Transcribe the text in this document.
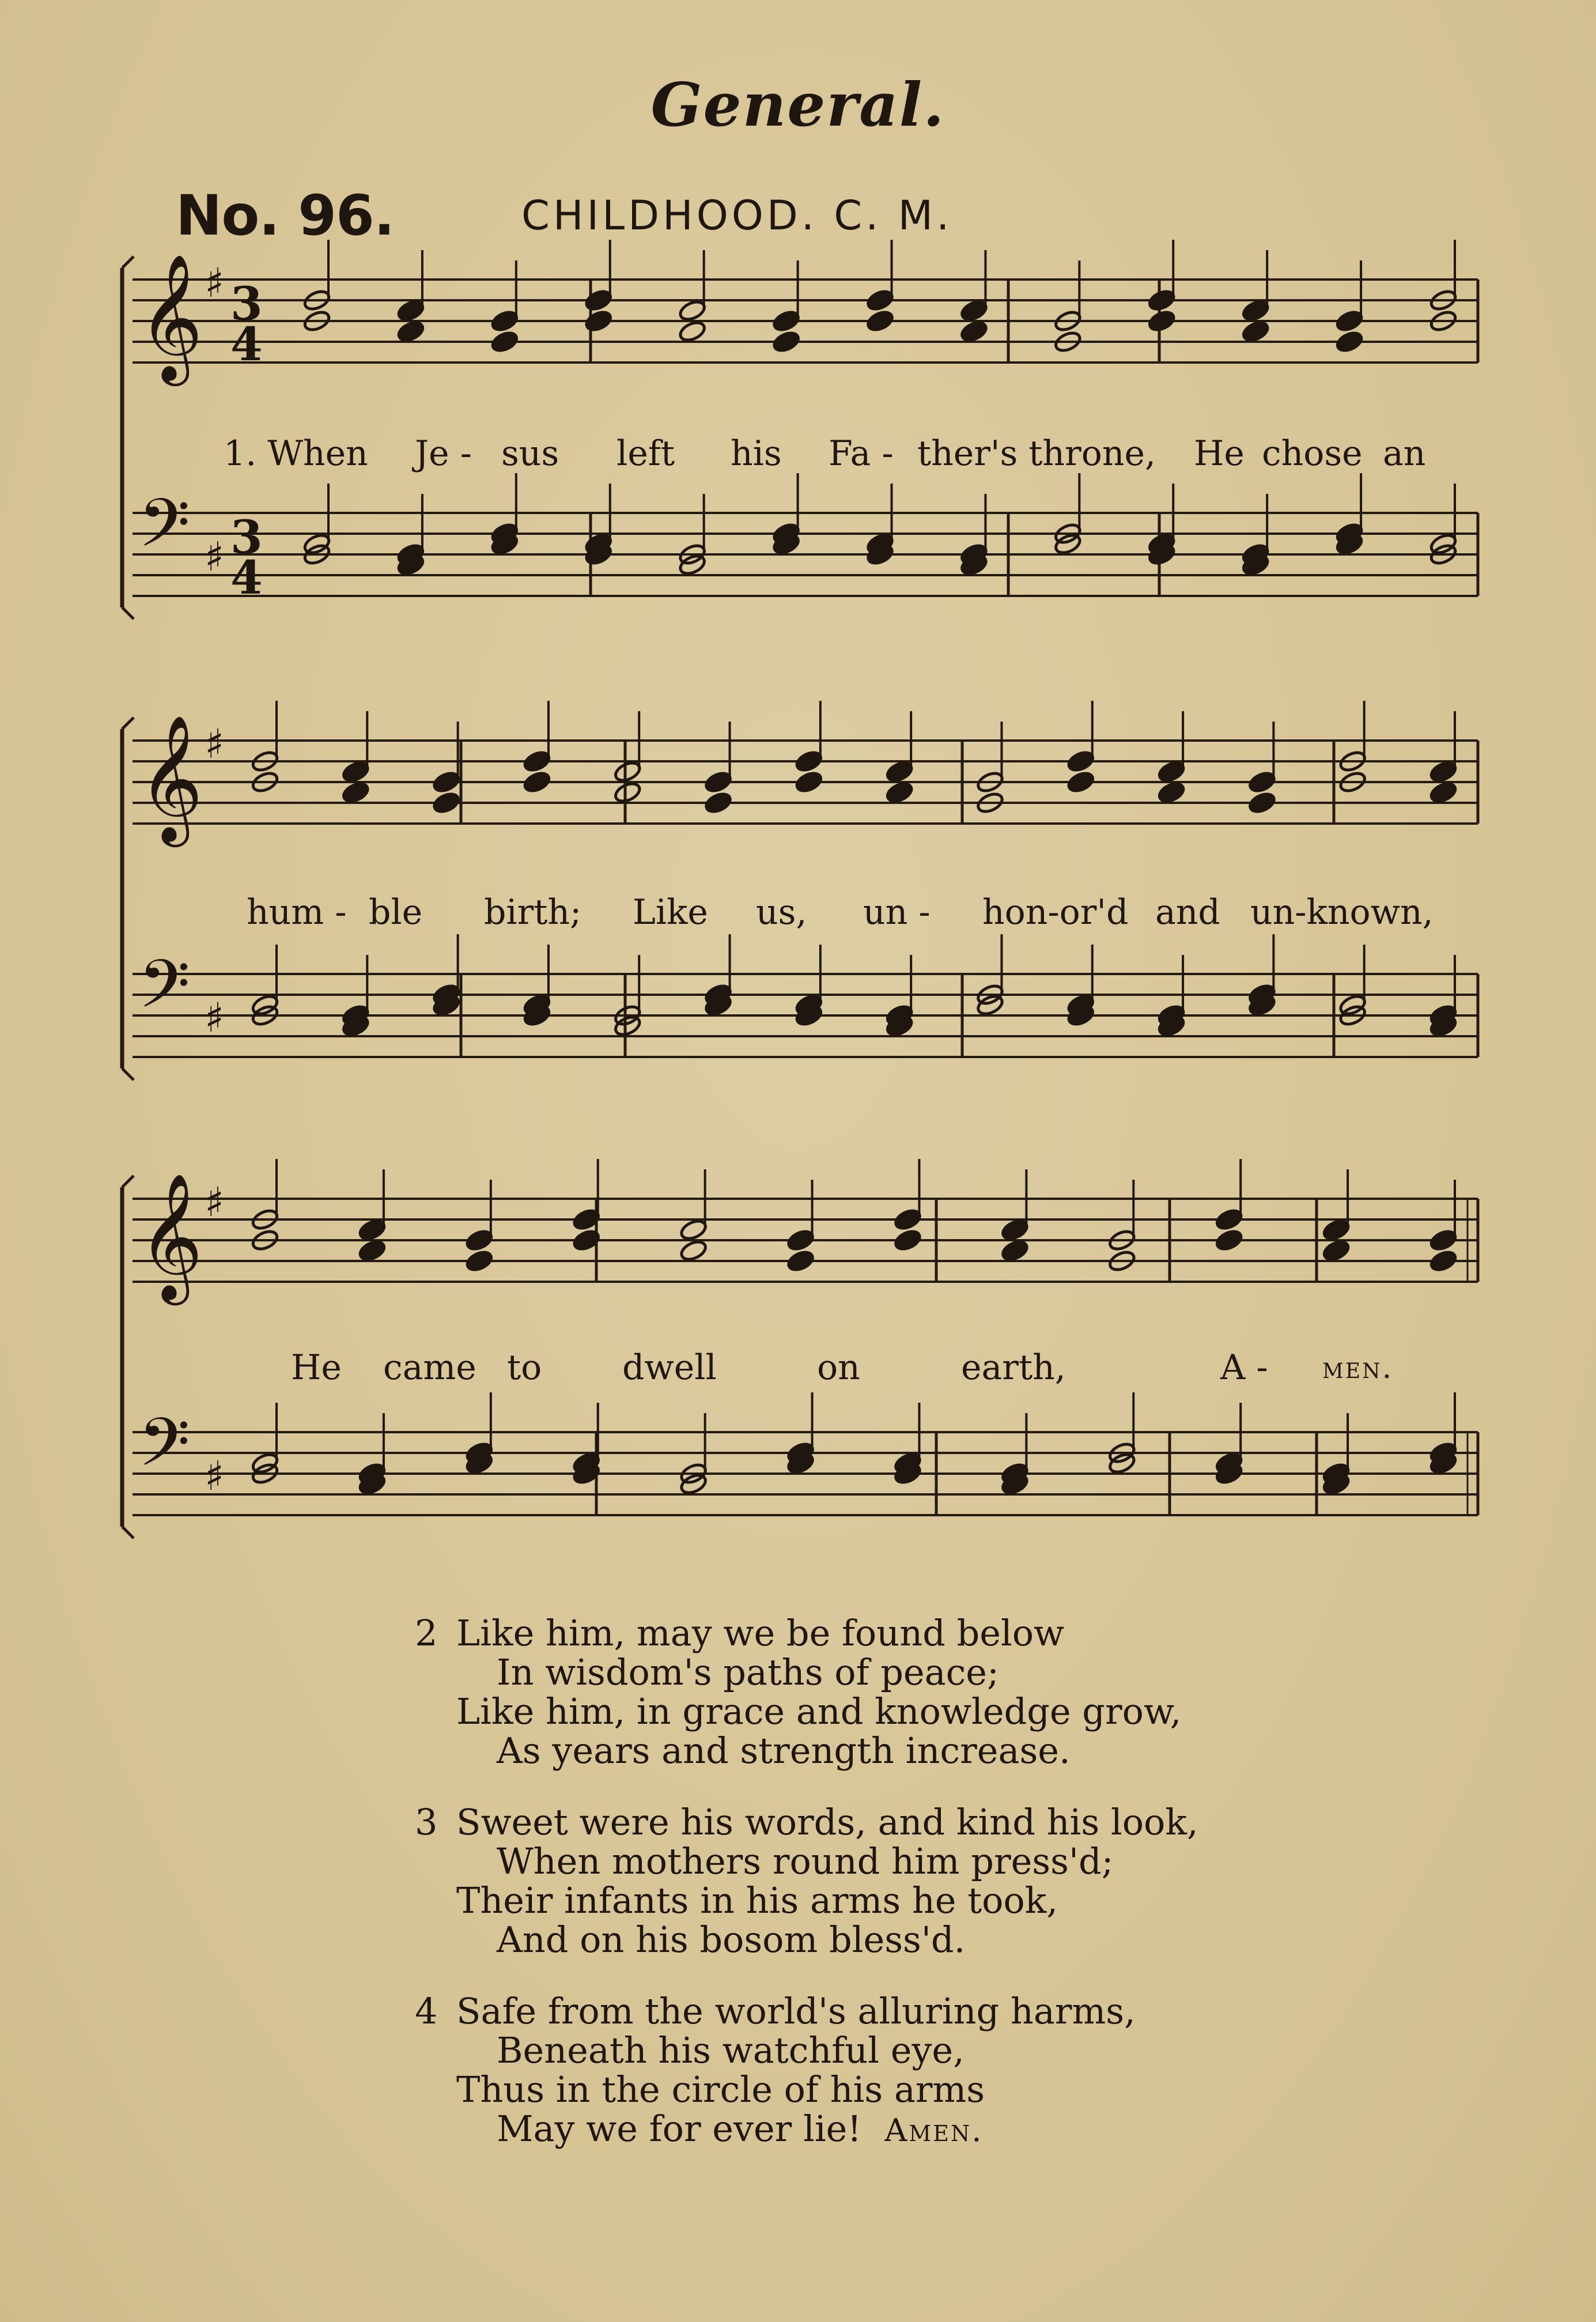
General.
No. 96.	CHILDHOOD. C. M.
𝄞 ♯ 3
4
𝄢 ♯ 3
4
𝄞 ♯
𝄢 ♯
𝄞 ♯
𝄢 ♯
1. When Je - sus left his Fa - ther's throne, He chose an
hum - ble birth; Like us, un - hon-or'd and un-known,
He came to dwell	on	earth,	A - men.
2 Like him, may we be found below
In wisdom's paths of peace;
Like him, in grace and knowledge grow,
As years and strength increase.
3 Sweet were his words, and kind his look,
When mothers round him press'd;
Their infants in his arms he took,
And on his bosom bless'd.
4 Safe from the world's alluring harms,
Beneath his watchful eye,
Thus in the circle of his arms
May we for ever lie! Amen.
